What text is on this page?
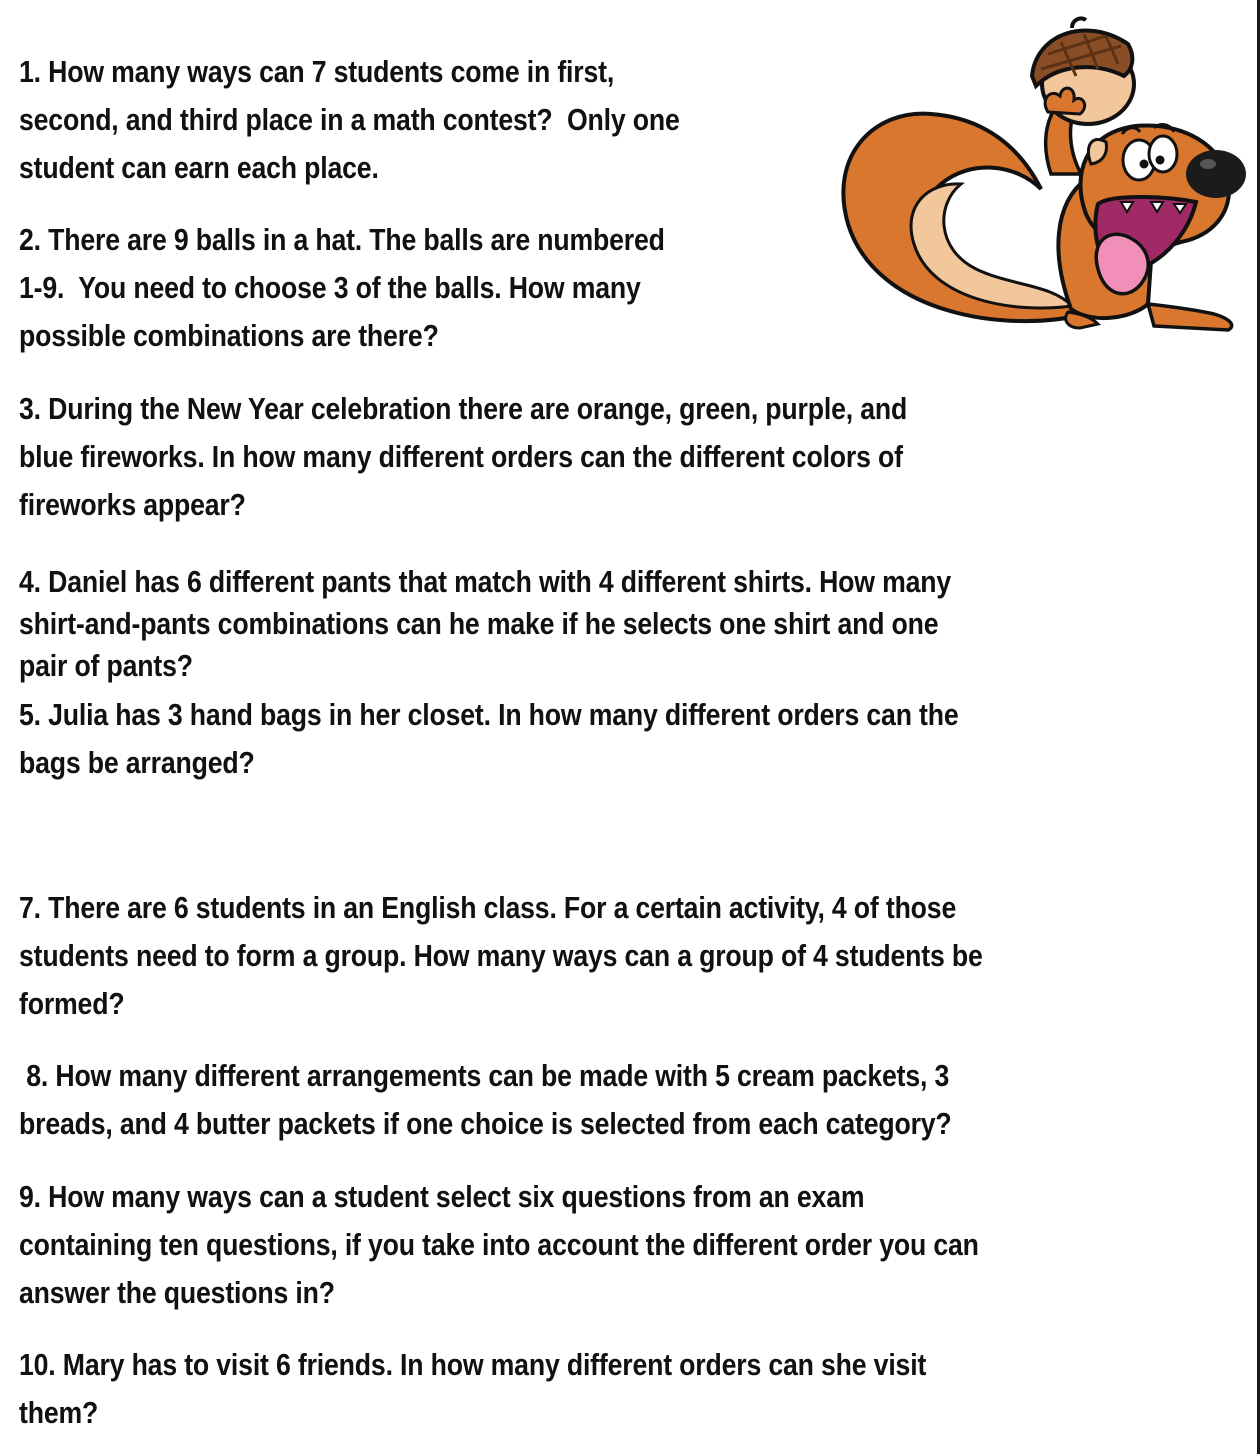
1. How many ways can 7 students come in first,
second, and third place in a math contest?  Only one
student can earn each place.

2. There are 9 balls in a hat. The balls are numbered
1-9.  You need to choose 3 of the balls. How many
possible combinations are there?

3. During the New Year celebration there are orange, green, purple, and
blue fireworks. In how many different orders can the different colors of
fireworks appear?

4. Daniel has 6 different pants that match with 4 different shirts. How many
shirt-and-pants combinations can he make if he selects one shirt and one
pair of pants?

5. Julia has 3 hand bags in her closet. In how many different orders can the
bags be arranged?

7. There are 6 students in an English class. For a certain activity, 4 of those
students need to form a group. How many ways can a group of 4 students be
formed?

8. How many different arrangements can be made with 5 cream packets, 3
breads, and 4 butter packets if one choice is selected from each category?

9. How many ways can a student select six questions from an exam
containing ten questions, if you take into account the different order you can
answer the questions in?

10. Mary has to visit 6 friends. In how many different orders can she visit
them?
